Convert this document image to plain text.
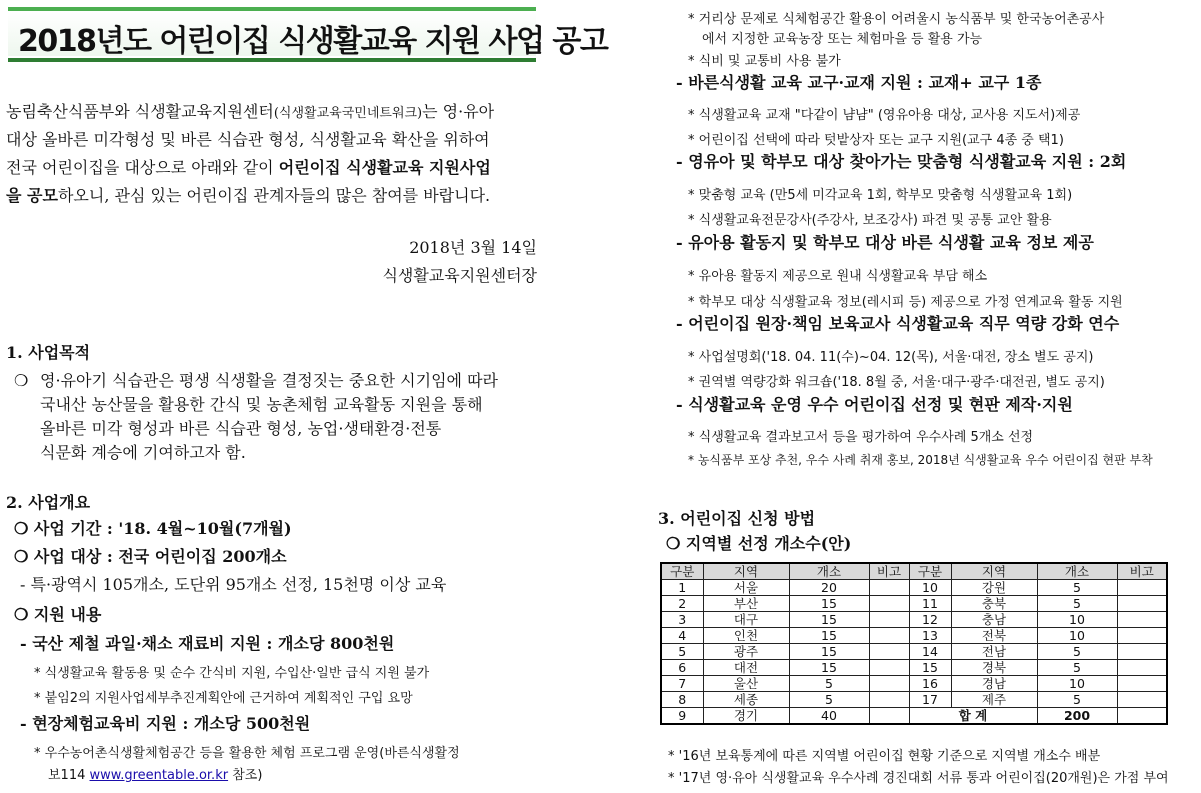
2018년도 어린이집 식생활교육 지원 사업 공고
농림축산식품부와 식생활교육지원센터(식생활교육국민네트워크)는 영·유아
대상 올바른 미각형성 및 바른 식습관 형성, 식생활교육 확산을 위하여
전국 어린이집을 대상으로 아래와 같이 어린이집 식생활교육 지원사업
을 공모하오니, 관심 있는 어린이집 관계자들의 많은 참여를 바랍니다.
2018년 3월 14일
식생활교육지원센터장
1. 사업목적
❍ 영·유아기 식습관은 평생 식생활을 결정짓는 중요한 시기임에 따라
국내산 농산물을 활용한 간식 및 농촌체험 교육활동 지원을 통해
올바른 미각 형성과 바른 식습관 형성, 농업·생태환경·전통
식문화 계승에 기여하고자 함.
2. 사업개요
❍ 사업 기간 : '18. 4월~10월(7개월)
❍ 사업 대상 : 전국 어린이집 200개소
- 특·광역시 105개소, 도단위 95개소 선정, 15천명 이상 교육
❍ 지원 내용
- 국산 제철 과일·채소 재료비 지원 : 개소당 800천원
* 식생활교육 활동용 및 순수 간식비 지원, 수입산·일반 급식 지원 불가
* 붙임2의 지원사업세부추진계획안에 근거하여 계획적인 구입 요망
- 현장체험교육비 지원 : 개소당 500천원
* 우수농어촌식생활체험공간 등을 활용한 체험 프로그램 운영(바른식생활정
보114 www.greentable.or.kr 참조)
* 거리상 문제로 식체험공간 활용이 어려울시 농식품부 및 한국농어촌공사
에서 지정한 교육농장 또는 체험마을 등 활용 가능
* 식비 및 교통비 사용 불가
- 바른식생활 교육 교구·교재 지원 : 교재+ 교구 1종
* 식생활교육 교재 "다같이 냠냠" (영유아용 대상, 교사용 지도서)제공
* 어린이집 선택에 따라 텃밭상자 또는 교구 지원(교구 4종 중 택1)
- 영유아 및 학부모 대상 찾아가는 맞춤형 식생활교육 지원 : 2회
* 맞춤형 교육 (만5세 미각교육 1회, 학부모 맞춤형 식생활교육 1회)
* 식생활교육전문강사(주강사, 보조강사) 파견 및 공통 교안 활용
- 유아용 활동지 및 학부모 대상 바른 식생활 교육 정보 제공
* 유아용 활동지 제공으로 원내 식생활교육 부담 해소
* 학부모 대상 식생활교육 정보(레시피 등) 제공으로 가정 연계교육 활동 지원
- 어린이집 원장·책임 보육교사 식생활교육 직무 역량 강화 연수
* 사업설명회('18. 04. 11(수)~04. 12(목), 서울·대전, 장소 별도 공지)
* 권역별 역량강화 워크숍('18. 8월 중, 서울·대구·광주·대전권, 별도 공지)
- 식생활교육 운영 우수 어린이집 선정 및 현판 제작·지원
* 식생활교육 결과보고서 등을 평가하여 우수사례 5개소 선정
* 농식품부 포상 추천, 우수 사례 취재 홍보, 2018년 식생활교육 우수 어린이집 현판 부착
3. 어린이집 신청 방법
❍ 지역별 선정 개소수(안)
구분	지역	개소	비고	구분	지역	개소	비고
1	서울	20		10	강원	5	
2	부산	15		11	충북	5	
3	대구	15		12	충남	10	
4	인천	15		13	전북	10	
5	광주	15		14	전남	5	
6	대전	15		15	경북	5	
7	울산	5		16	경남	10	
8	세종	5		17	제주	5	
9	경기	40		합 계		200	
* '16년 보육통계에 따른 지역별 어린이집 현황 기준으로 지역별 개소수 배분
* '17년 영·유아 식생활교육 우수사례 경진대회 서류 통과 어린이집(20개원)은 가점 부여
